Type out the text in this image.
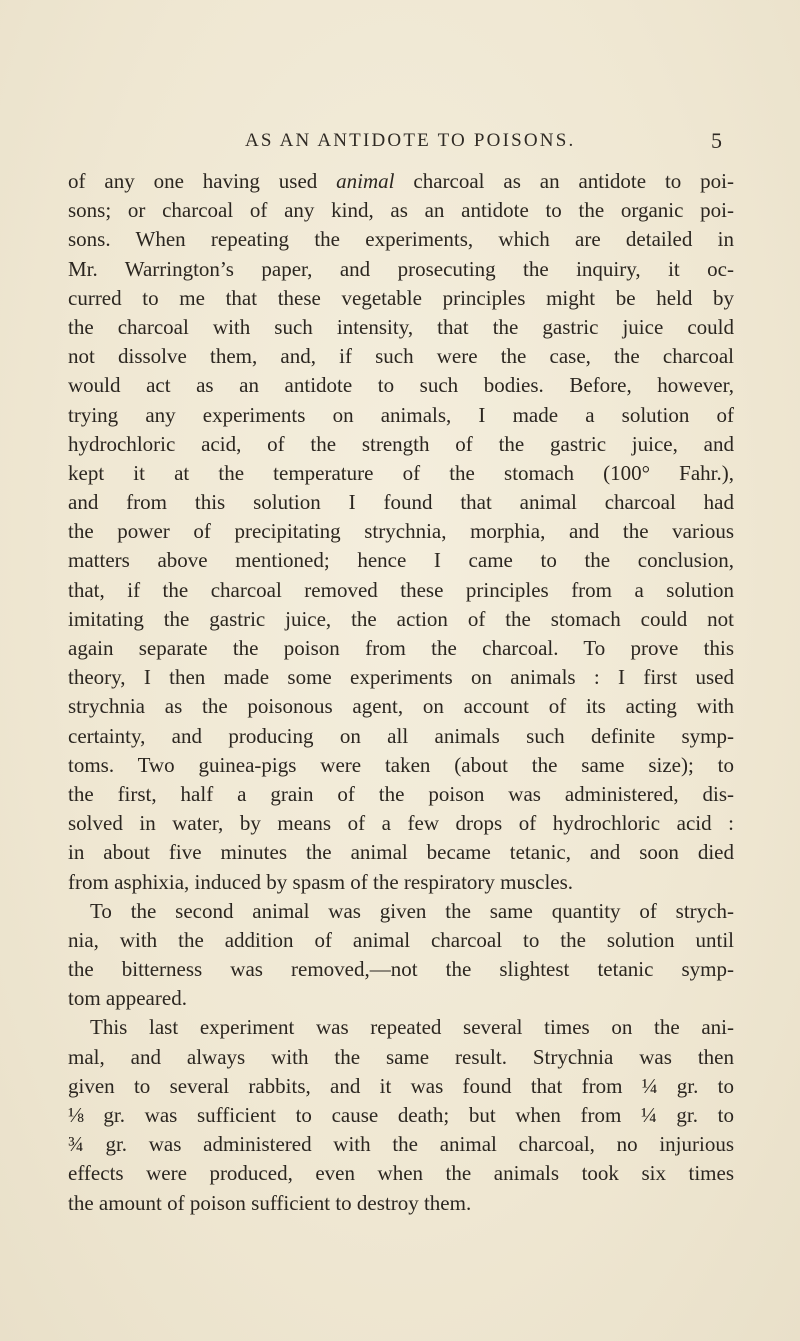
AS AN ANTIDOTE TO POISONS.	5
of any one having used animal charcoal as an antidote to poi-
sons; or charcoal of any kind, as an antidote to the organic poi-
sons. When repeating the experiments, which are detailed in
Mr. Warrington’s paper, and prosecuting the inquiry, it oc-
curred to me that these vegetable principles might be held by
the charcoal with such intensity, that the gastric juice could
not dissolve them, and, if such were the case, the charcoal
would act as an antidote to such bodies. Before, however,
trying any experiments on animals, I made a solution of
hydrochloric acid, of the strength of the gastric juice, and
kept it at the temperature of the stomach (100° Fahr.),
and from this solution I found that animal charcoal had
the power of precipitating strychnia, morphia, and the various
matters above mentioned; hence I came to the conclusion,
that, if the charcoal removed these principles from a solution
imitating the gastric juice, the action of the stomach could not
again separate the poison from the charcoal. To prove this
theory, I then made some experiments on animals : I first used
strychnia as the poisonous agent, on account of its acting with
certainty, and producing on all animals such definite symp-
toms. Two guinea-pigs were taken (about the same size); to
the first, half a grain of the poison was administered, dis-
solved in water, by means of a few drops of hydrochloric acid :
in about five minutes the animal became tetanic, and soon died
from asphixia, induced by spasm of the respiratory muscles.
To the second animal was given the same quantity of strych-
nia, with the addition of animal charcoal to the solution until
the bitterness was removed,—not the slightest tetanic symp-
tom appeared.
This last experiment was repeated several times on the ani-
mal, and always with the same result. Strychnia was then
given to several rabbits, and it was found that from ¼ gr. to
⅛ gr. was sufficient to cause death; but when from ¼ gr. to
¾ gr. was administered with the animal charcoal, no injurious
effects were produced, even when the animals took six times
the amount of poison sufficient to destroy them.
